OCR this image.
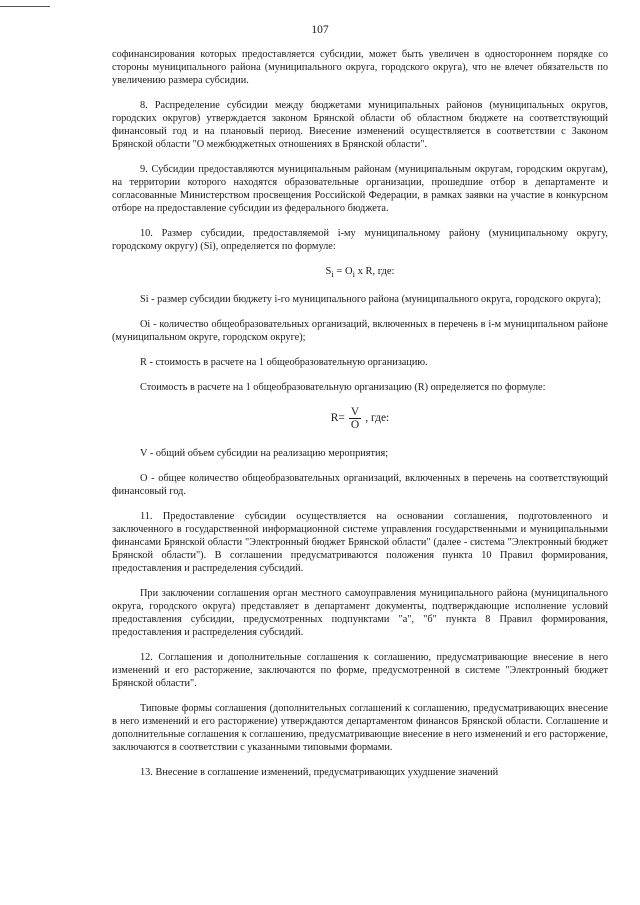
107

софинансирования которых предоставляется субсидии, может быть увеличен в одностороннем порядке со стороны муниципального района (муниципального округа, городского округа), что не влечет обязательств по увеличению размера субсидии.

8. Распределение субсидии между бюджетами муниципальных районов (муниципальных округов, городских округов) утверждается законом Брянской области об областном бюджете на соответствующий финансовый год и на плановый период. Внесение изменений осуществляется в соответствии с Законом Брянской области "О межбюджетных отношениях в Брянской области".

9. Субсидии предоставляются муниципальным районам (муниципальным округам, городским округам), на территории которого находятся образовательные организации, прошедшие отбор в департаменте и согласованные Министерством просвещения Российской Федерации, в рамках заявки на участие в конкурсном отборе на предоставление субсидии из федерального бюджета.

10. Размер субсидии, предоставляемой i-му муниципальному району (муниципальному округу, городскому округу) (Si), определяется по формуле:

$S_i = O_i$ x R, где:

Si - размер субсидии бюджету i-го муниципального района (муниципального округа, городского округа);

Oi - количество общеобразовательных организаций, включенных в перечень в i-м муниципальном районе (муниципальном округе, городском округе);

R - стоимость в расчете на 1 общеобразовательную организацию.

Стоимость в расчете на 1 общеобразовательную организацию (R) определяется по формуле:

$R= \frac{V}{O}$ , где:

V - общий объем субсидии на реализацию мероприятия;

O - общее количество общеобразовательных организаций, включенных в перечень на соответствующий финансовый год.

11. Предоставление субсидии осуществляется на основании соглашения, подготовленного и заключенного в государственной информационной системе управления государственными и муниципальными финансами Брянской области "Электронный бюджет Брянской области" (далее - система "Электронный бюджет Брянской области"). В соглашении предусматриваются положения пункта 10 Правил формирования, предоставления и распределения субсидий.

При заключении соглашения орган местного самоуправления муниципального района (муниципального округа, городского округа) представляет в департамент документы, подтверждающие исполнение условий предоставления субсидии, предусмотренных подпунктами "а", "б" пункта 8 Правил формирования, предоставления и распределения субсидий.

12. Соглашения и дополнительные соглашения к соглашению, предусматривающие внесение в него изменений и его расторжение, заключаются по форме, предусмотренной в системе "Электронный бюджет Брянской области".

Типовые формы соглашения (дополнительных соглашений к соглашению, предусматривающих внесение в него изменений и его расторжение) утверждаются департаментом финансов Брянской области. Соглашение и дополнительные соглашения к соглашению, предусматривающие внесение в него изменений и его расторжение, заключаются в соответствии с указанными типовыми формами.

13. Внесение в соглашение изменений, предусматривающих ухудшение значений
